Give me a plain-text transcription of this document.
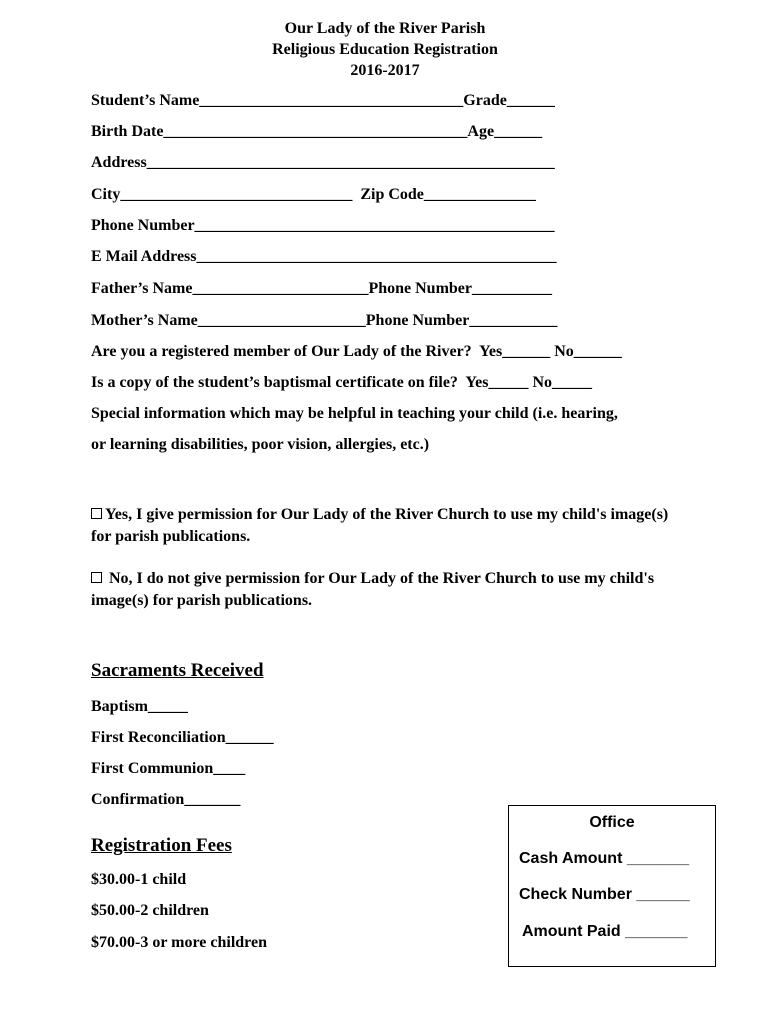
Our Lady of the River Parish
Religious Education Registration
2016-2017
Student’s Name_________________________________Grade______
Birth Date______________________________________Age______
Address___________________________________________________
City_____________________________  Zip Code______________
Phone Number_____________________________________________
E Mail Address_____________________________________________
Father’s Name______________________Phone Number__________
Mother’s Name_____________________Phone Number___________
Are you a registered member of Our Lady of the River?  Yes______ No______
Is a copy of the student’s baptismal certificate on file?  Yes_____ No_____
Special information which may be helpful in teaching your child (i.e. hearing,
or learning disabilities, poor vision, allergies, etc.)
Yes, I give permission for Our Lady of the River Church to use my child's image(s) for parish publications.
No, I do not give permission for Our Lady of the River Church to use my child's image(s) for parish publications.
Sacraments Received
Baptism_____
First Reconciliation______
First Communion____
Confirmation_______
Registration Fees
$30.00-1 child
$50.00-2 children
$70.00-3 or more children
Office
Cash Amount _______
Check Number ______
Amount Paid _______
